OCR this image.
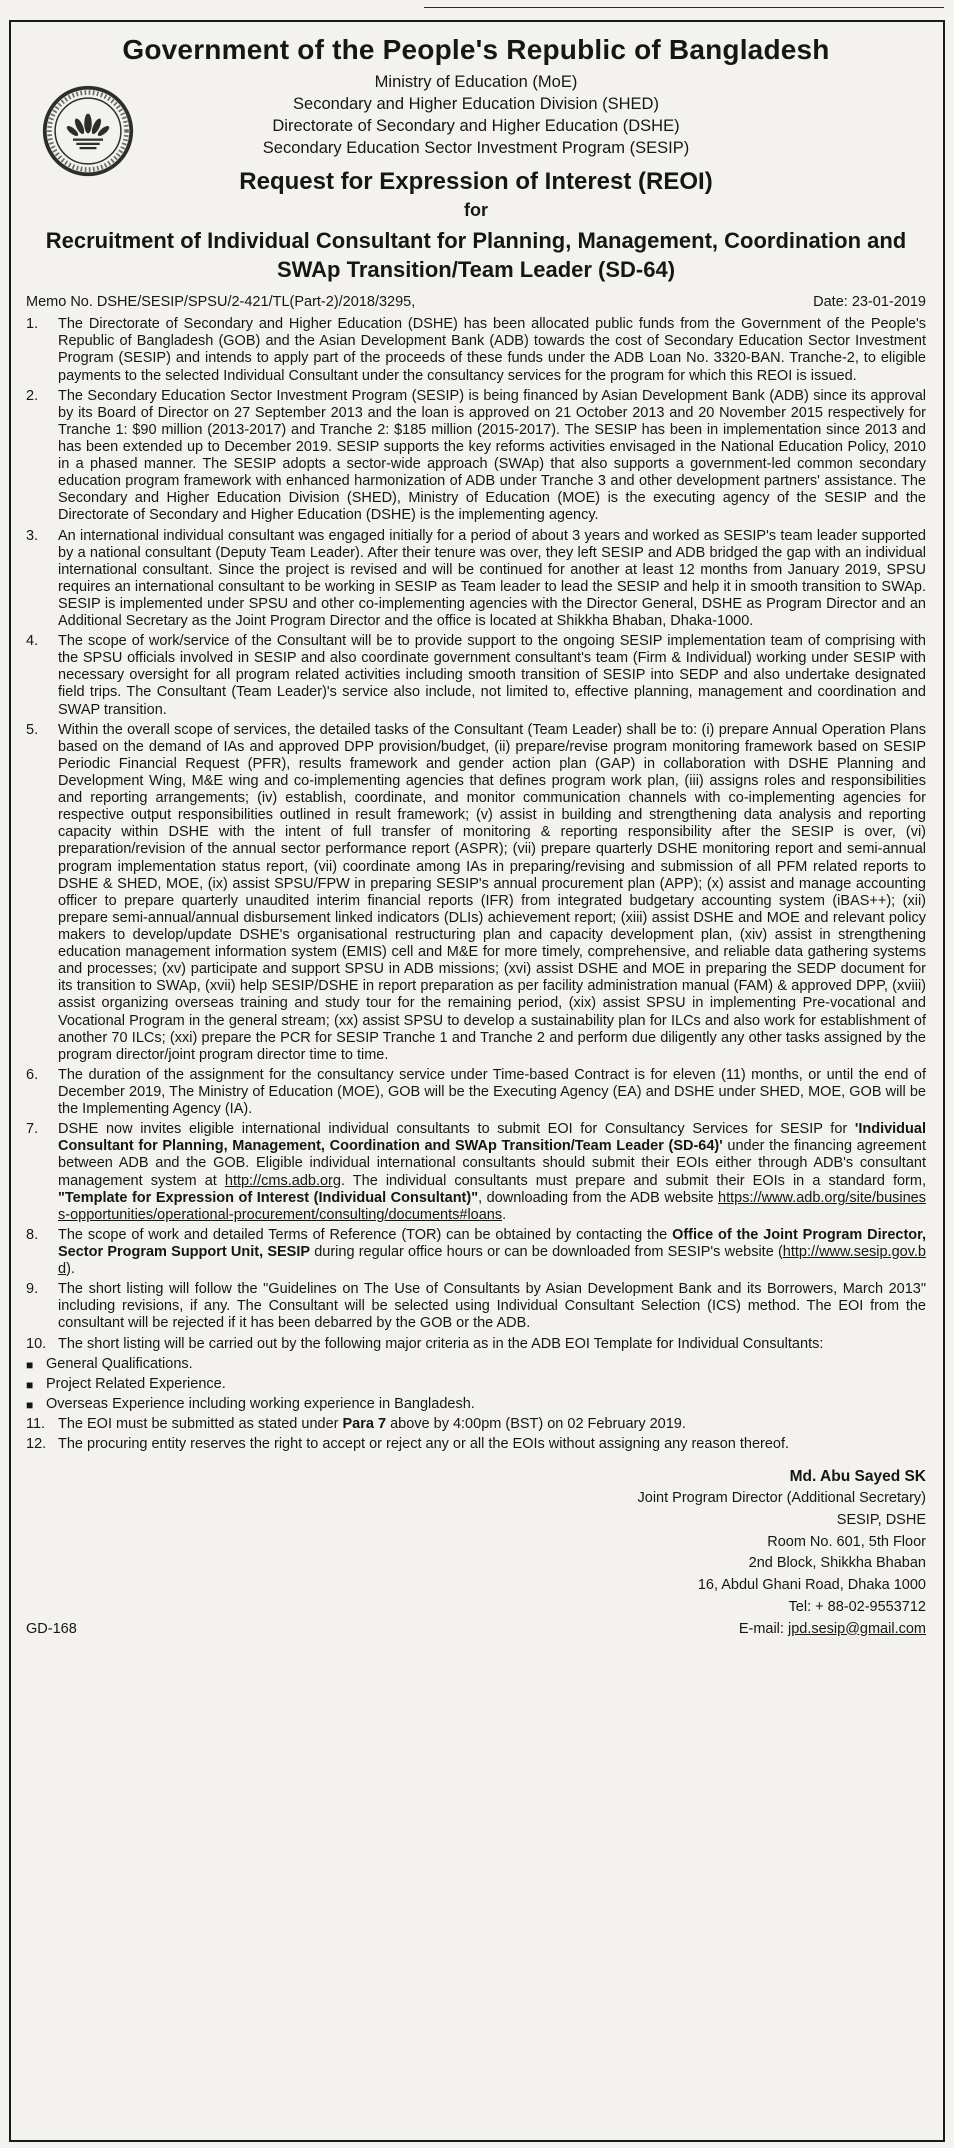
Government of the People's Republic of Bangladesh
Ministry of Education (MoE)
Secondary and Higher Education Division (SHED)
Directorate of Secondary and Higher Education (DSHE)
Secondary Education Sector Investment Program (SESIP)
Request for Expression of Interest (REOI)
for
Recruitment of Individual Consultant for Planning, Management, Coordination and SWAp Transition/Team Leader (SD-64)
Memo No. DSHE/SESIP/SPSU/2-421/TL(Part-2)/2018/3295,	Date: 23-01-2019
1.	The Directorate of Secondary and Higher Education (DSHE) has been allocated public funds from the Government of the People's Republic of Bangladesh (GOB) and the Asian Development Bank (ADB) towards the cost of Secondary Education Sector Investment Program (SESIP) and intends to apply part of the proceeds of these funds under the ADB Loan No. 3320-BAN. Tranche-2, to eligible payments to the selected Individual Consultant under the consultancy services for the program for which this REOI is issued.
2.	The Secondary Education Sector Investment Program (SESIP) is being financed by Asian Development Bank (ADB) since its approval by its Board of Director on 27 September 2013 and the loan is approved on 21 October 2013 and 20 November 2015 respectively for Tranche 1: $90 million (2013-2017) and Tranche 2: $185 million (2015-2017). The SESIP has been in implementation since 2013 and has been extended up to December 2019. SESIP supports the key reforms activities envisaged in the National Education Policy, 2010 in a phased manner. The SESIP adopts a sector-wide approach (SWAp) that also supports a government-led common secondary education program framework with enhanced harmonization of ADB under Tranche 3 and other development partners' assistance. The Secondary and Higher Education Division (SHED), Ministry of Education (MOE) is the executing agency of the SESIP and the Directorate of Secondary and Higher Education (DSHE) is the implementing agency.
3.	An international individual consultant was engaged initially for a period of about 3 years and worked as SESIP's team leader supported by a national consultant (Deputy Team Leader). After their tenure was over, they left SESIP and ADB bridged the gap with an individual international consultant. Since the project is revised and will be continued for another at least 12 months from January 2019, SPSU requires an international consultant to be working in SESIP as Team leader to lead the SESIP and help it in smooth transition to SWAp. SESIP is implemented under SPSU and other co-implementing agencies with the Director General, DSHE as Program Director and an Additional Secretary as the Joint Program Director and the office is located at Shikkha Bhaban, Dhaka-1000.
4.	The scope of work/service of the Consultant will be to provide support to the ongoing SESIP implementation team of comprising with the SPSU officials involved in SESIP and also coordinate government consultant's team (Firm & Individual) working under SESIP with necessary oversight for all program related activities including smooth transition of SESIP into SEDP and also undertake designated field trips. The Consultant (Team Leader)'s service also include, not limited to, effective planning, management and coordination and SWAP transition.
5.	Within the overall scope of services, the detailed tasks of the Consultant (Team Leader) shall be to: (i) prepare Annual Operation Plans based on the demand of IAs and approved DPP provision/budget, (ii) prepare/revise program monitoring framework based on SESIP Periodic Financial Request (PFR), results framework and gender action plan (GAP) in collaboration with DSHE Planning and Development Wing, M&E wing and co-implementing agencies that defines program work plan, (iii) assigns roles and responsibilities and reporting arrangements; (iv) establish, coordinate, and monitor communication channels with co-implementing agencies for respective output responsibilities outlined in result framework; (v) assist in building and strengthening data analysis and reporting capacity within DSHE with the intent of full transfer of monitoring & reporting responsibility after the SESIP is over, (vi) preparation/revision of the annual sector performance report (ASPR); (vii) prepare quarterly DSHE monitoring report and semi-annual program implementation status report, (vii) coordinate among IAs in preparing/revising and submission of all PFM related reports to DSHE & SHED, MOE, (ix) assist SPSU/FPW in preparing SESIP's annual procurement plan (APP); (x) assist and manage accounting officer to prepare quarterly unaudited interim financial reports (IFR) from integrated budgetary accounting system (iBAS++); (xii) prepare semi-annual/annual disbursement linked indicators (DLIs) achievement report; (xiii) assist DSHE and MOE and relevant policy makers to develop/update DSHE's organisational restructuring plan and capacity development plan, (xiv) assist in strengthening education management information system (EMIS) cell and M&E for more timely, comprehensive, and reliable data gathering systems and processes; (xv) participate and support SPSU in ADB missions; (xvi) assist DSHE and MOE in preparing the SEDP document for its transition to SWAp, (xvii) help SESIP/DSHE in report preparation as per facility administration manual (FAM) & approved DPP, (xviii) assist organizing overseas training and study tour for the remaining period, (xix) assist SPSU in implementing Pre-vocational and Vocational Program in the general stream; (xx) assist SPSU to develop a sustainability plan for ILCs and also work for establishment of another 70 ILCs; (xxi) prepare the PCR for SESIP Tranche 1 and Tranche 2 and perform due diligently any other tasks assigned by the program director/joint program director time to time.
6.	The duration of the assignment for the consultancy service under Time-based Contract is for eleven (11) months, or until the end of December 2019, The Ministry of Education (MOE), GOB will be the Executing Agency (EA) and DSHE under SHED, MOE, GOB will be the Implementing Agency (IA).
7.	DSHE now invites eligible international individual consultants to submit EOI for Consultancy Services for SESIP for 'Individual Consultant for Planning, Management, Coordination and SWAp Transition/Team Leader (SD-64)' under the financing agreement between ADB and the GOB. Eligible individual international consultants should submit their EOIs either through ADB's consultant management system at http://cms.adb.org. The individual consultants must prepare and submit their EOIs in a standard form, "Template for Expression of Interest (Individual Consultant)", downloading from the ADB website https://www.adb.org/site/business-opportunities/operational-procurement/consulting/documents#loans.
8.	The scope of work and detailed Terms of Reference (TOR) can be obtained by contacting the Office of the Joint Program Director, Sector Program Support Unit, SESIP during regular office hours or can be downloaded from SESIP's website (http://www.sesip.gov.bd).
9.	The short listing will follow the "Guidelines on The Use of Consultants by Asian Development Bank and its Borrowers, March 2013" including revisions, if any. The Consultant will be selected using Individual Consultant Selection (ICS) method. The EOI from the consultant will be rejected if it has been debarred by the GOB or the ADB.
10. The short listing will be carried out by the following major criteria as in the ADB EOI Template for Individual Consultants:
■ General Qualifications.
■ Project Related Experience.
■ Overseas Experience including working experience in Bangladesh.
11. The EOI must be submitted as stated under Para 7 above by 4:00pm (BST) on 02 February 2019.
12. The procuring entity reserves the right to accept or reject any or all the EOIs without assigning any reason thereof.
Md. Abu Sayed SK
Joint Program Director (Additional Secretary)
SESIP, DSHE
Room No. 601, 5th Floor
2nd Block, Shikkha Bhaban
16, Abdul Ghani Road, Dhaka 1000
Tel: + 88-02-9553712
GD-168	E-mail: jpd.sesip@gmail.com
